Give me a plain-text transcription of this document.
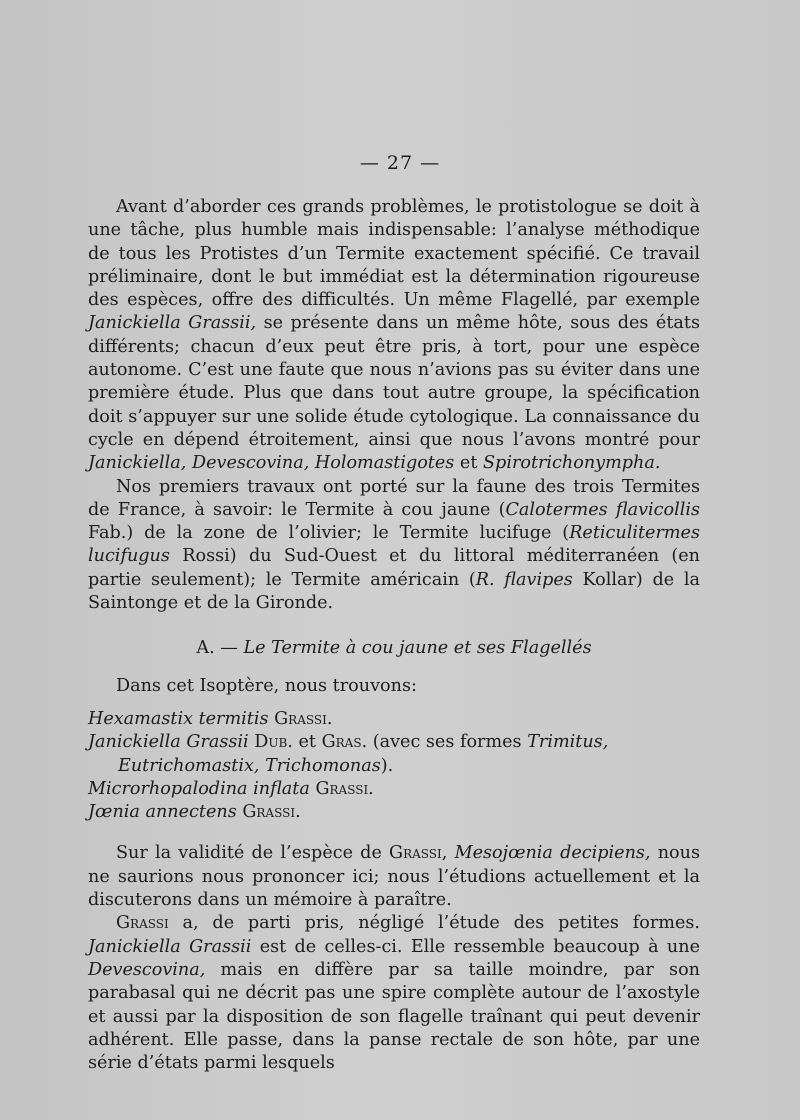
— 27 —

Avant d’aborder ces grands problèmes, le protistologue se doit à une tâche, plus humble mais indispensable: l’analyse méthodique de tous les Protistes d’un Termite exactement spécifié. Ce travail préliminaire, dont le but immédiat est la détermination rigoureuse des espèces, offre des difficultés. Un même Flagellé, par exemple Janickiella Grassii, se présente dans un même hôte, sous des états différents; chacun d’eux peut être pris, à tort, pour une espèce autonome. C’est une faute que nous n’avions pas su éviter dans une première étude. Plus que dans tout autre groupe, la spécification doit s’appuyer sur une solide étude cytologique. La connaissance du cycle en dépend étroitement, ainsi que nous l’avons montré pour Janickiella, Devescovina, Holomastigotes et Spirotrichonympha.

Nos premiers travaux ont porté sur la faune des trois Termites de France, à savoir: le Termite à cou jaune (Calotermes flavicollis Fab.) de la zone de l’olivier; le Termite lucifuge (Reticulitermes lucifugus Rossi) du Sud-Ouest et du littoral méditerranéen (en partie seulement); le Termite américain (R. flavipes Kollar) de la Saintonge et de la Gironde.

A. — Le Termite à cou jaune et ses Flagellés

Dans cet Isoptère, nous trouvons:

Hexamastix termitis Grassi.

Janickiella Grassii Dub. et Gras. (avec ses formes Trimitus, Eutrichomastix, Trichomonas).

Microrhopalodina inflata Grassi.

Jœnia annectens Grassi.

Sur la validité de l’espèce de Grassi, Mesojœnia decipiens, nous ne saurions nous prononcer ici; nous l’étudions actuellement et la discuterons dans un mémoire à paraître.

Grassi a, de parti pris, négligé l’étude des petites formes. Janickiella Grassii est de celles-ci. Elle ressemble beaucoup à une Devescovina, mais en diffère par sa taille moindre, par son parabasal qui ne décrit pas une spire complète autour de l’axostyle et aussi par la disposition de son flagelle traînant qui peut devenir adhérent. Elle passe, dans la panse rectale de son hôte, par une série d’états parmi lesquels
